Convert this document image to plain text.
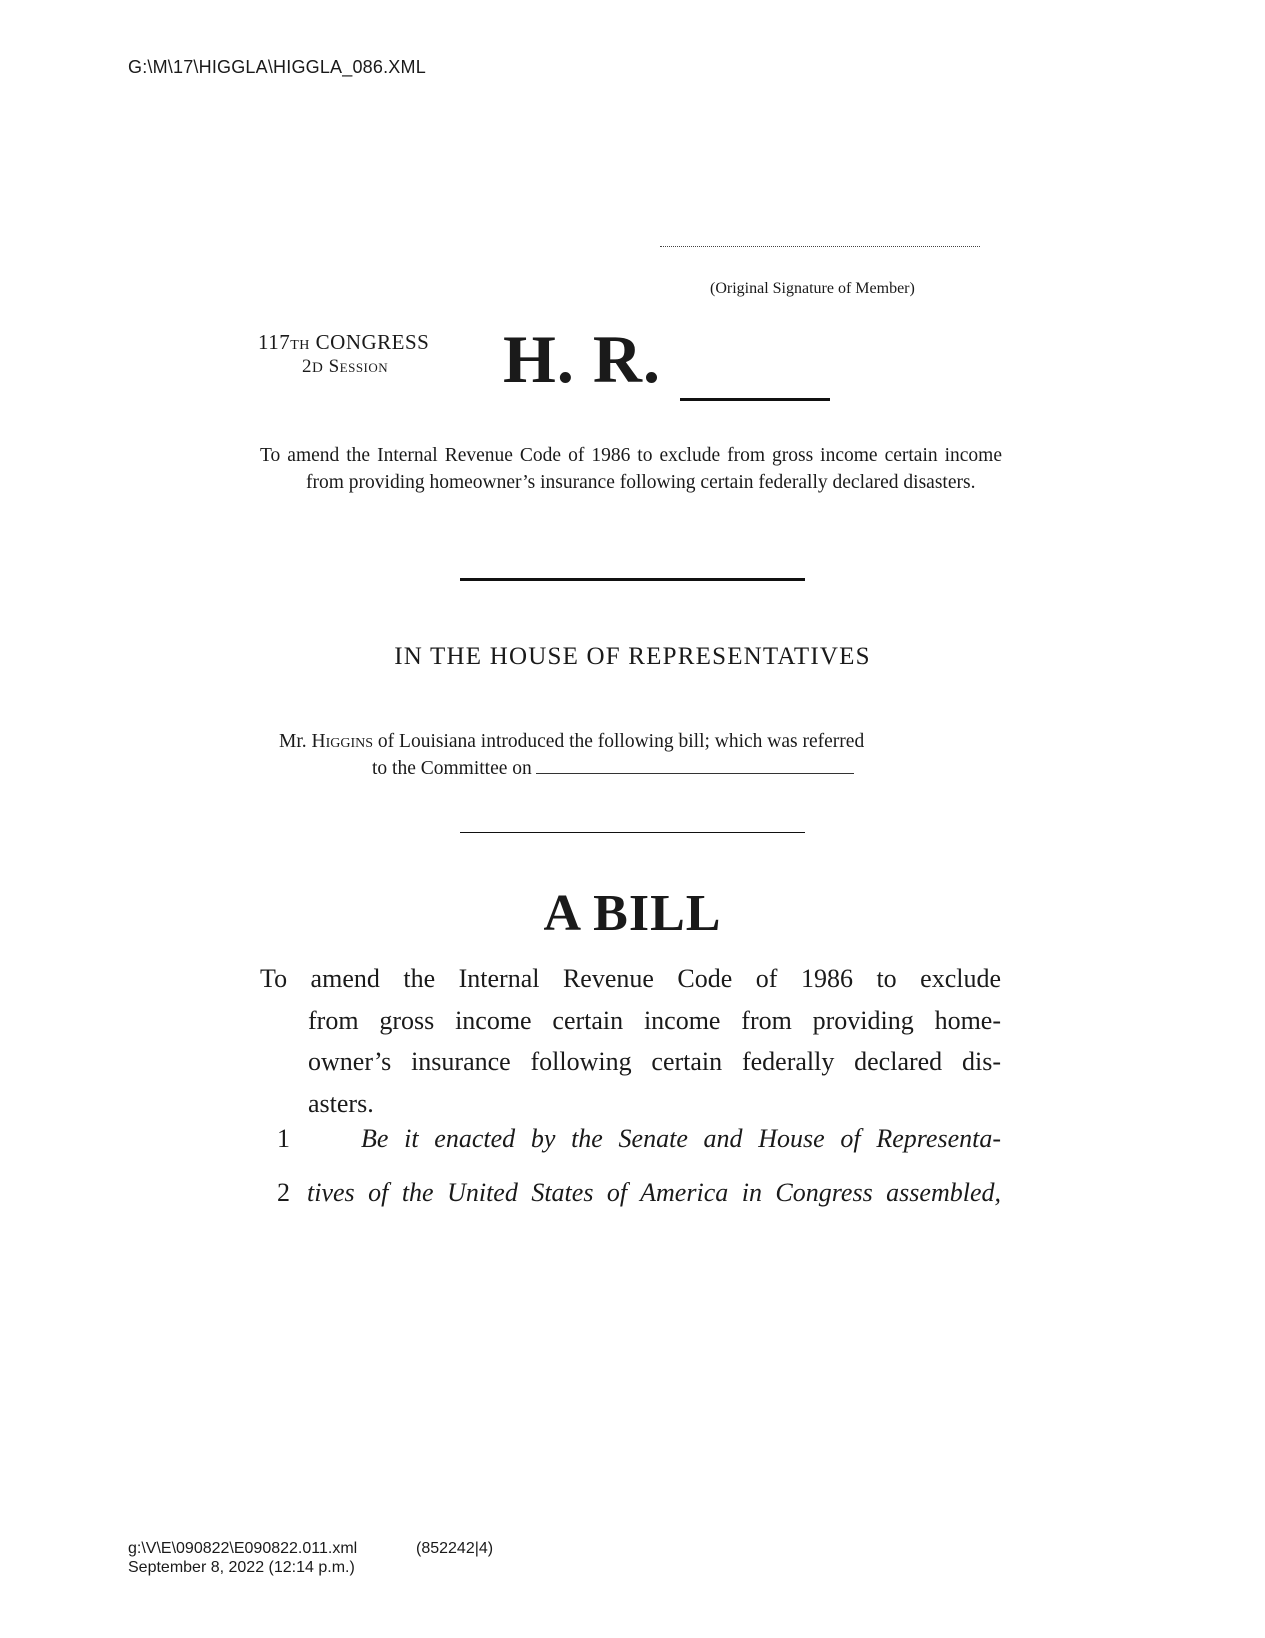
G:\M\17\HIGGLA\HIGGLA_086.XML
(Original Signature of Member)
117TH CONGRESS
2D Session H. R.

To amend the Internal Revenue Code of 1986 to exclude from gross income certain income from providing homeowner’s insurance following certain federally declared disasters.

IN THE HOUSE OF REPRESENTATIVES
Mr. Higgins of Louisiana introduced the following bill; which was referred
to the Committee on
A BILL
To amend the Internal Revenue Code of 1986 to exclude
from gross income certain income from providing home-
owner’s insurance following certain federally declared dis-
asters.
1	Be it enacted by the Senate and House of Representa-
2 tives of the United States of America in Congress assembled,
g:\V\E\090822\E090822.011.xml	(852242|4)
September 8, 2022 (12:14 p.m.)
